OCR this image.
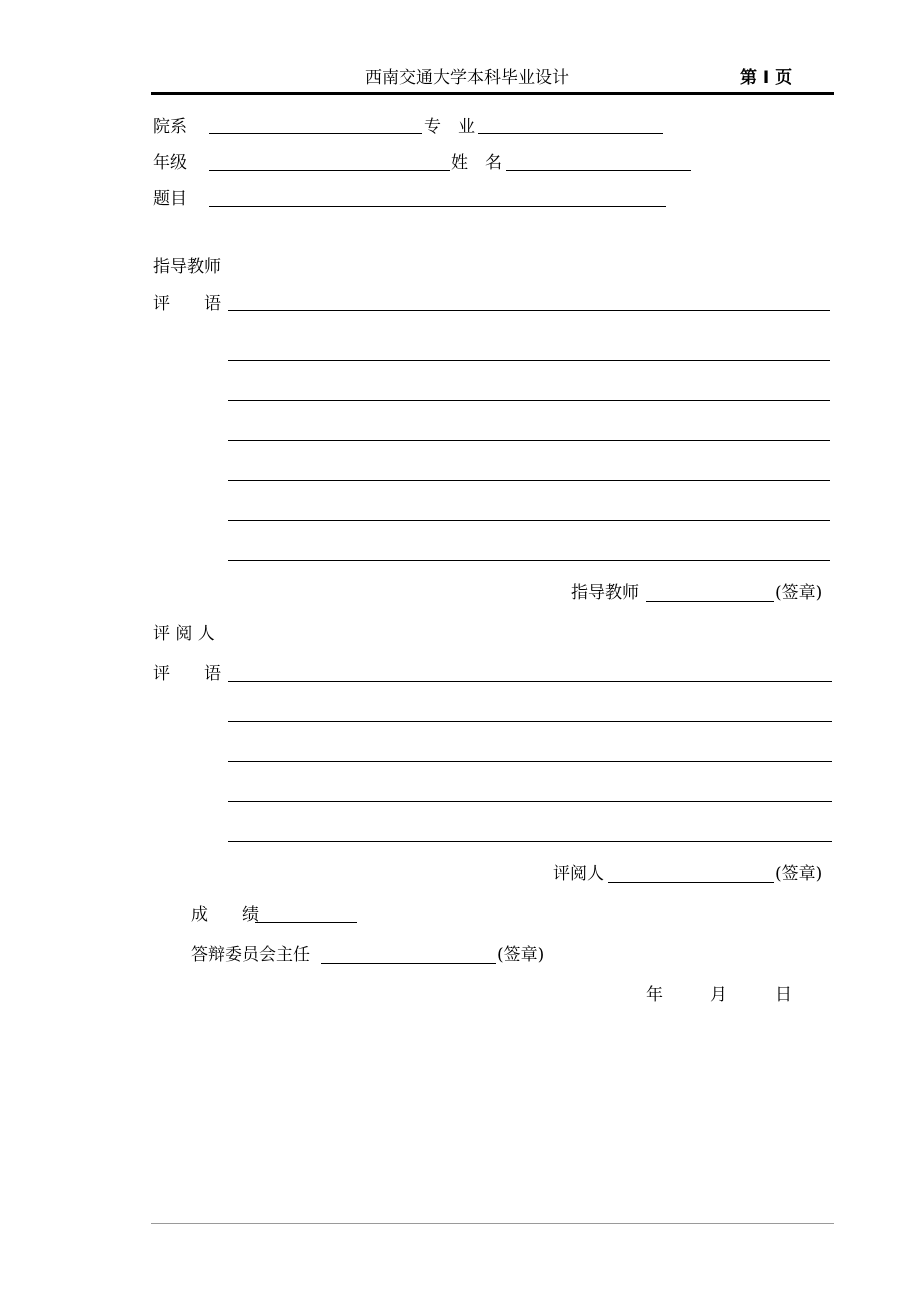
西南交通大学本科毕业设计	第 I 页
院系	专　业
年级	姓　名
题目
指导教师
评　　语
指导教师	(签章)
评 阅 人
评　　语
评阅人	(签章)
成　　绩
答辩委员会主任	(签章)
年	月	日
